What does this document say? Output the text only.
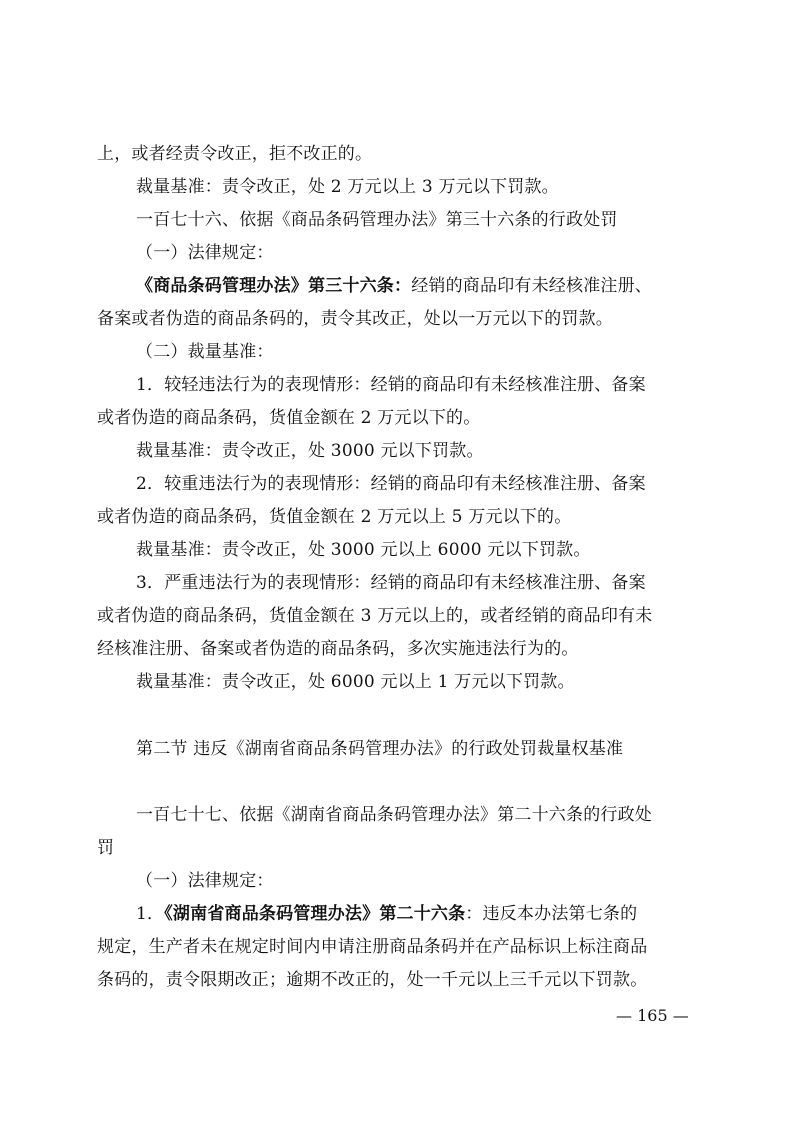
上，或者经责令改正，拒不改正的。
裁量基准：责令改正，处 2 万元以上 3 万元以下罚款。
一百七十六、依据《商品条码管理办法》第三十六条的行政处罚
（一）法律规定：
《商品条码管理办法》第三十六条：经销的商品印有未经核准注册、
备案或者伪造的商品条码的，责令其改正，处以一万元以下的罚款。
（二）裁量基准：
1．较轻违法行为的表现情形：经销的商品印有未经核准注册、备案
或者伪造的商品条码，货值金额在 2 万元以下的。
裁量基准：责令改正，处 3000 元以下罚款。
2．较重违法行为的表现情形：经销的商品印有未经核准注册、备案
或者伪造的商品条码，货值金额在 2 万元以上 5 万元以下的。
裁量基准：责令改正，处 3000 元以上 6000 元以下罚款。
3．严重违法行为的表现情形：经销的商品印有未经核准注册、备案
或者伪造的商品条码，货值金额在 3 万元以上的，或者经销的商品印有未
经核准注册、备案或者伪造的商品条码，多次实施违法行为的。
裁量基准：责令改正，处 6000 元以上 1 万元以下罚款。
第二节 违反《湖南省商品条码管理办法》的行政处罚裁量权基准
一百七十七、依据《湖南省商品条码管理办法》第二十六条的行政处
罚
（一）法律规定：
1．《湖南省商品条码管理办法》第二十六条：违反本办法第七条的
规定，生产者未在规定时间内申请注册商品条码并在产品标识上标注商品
条码的，责令限期改正；逾期不改正的，处一千元以上三千元以下罚款。
— 165 —
